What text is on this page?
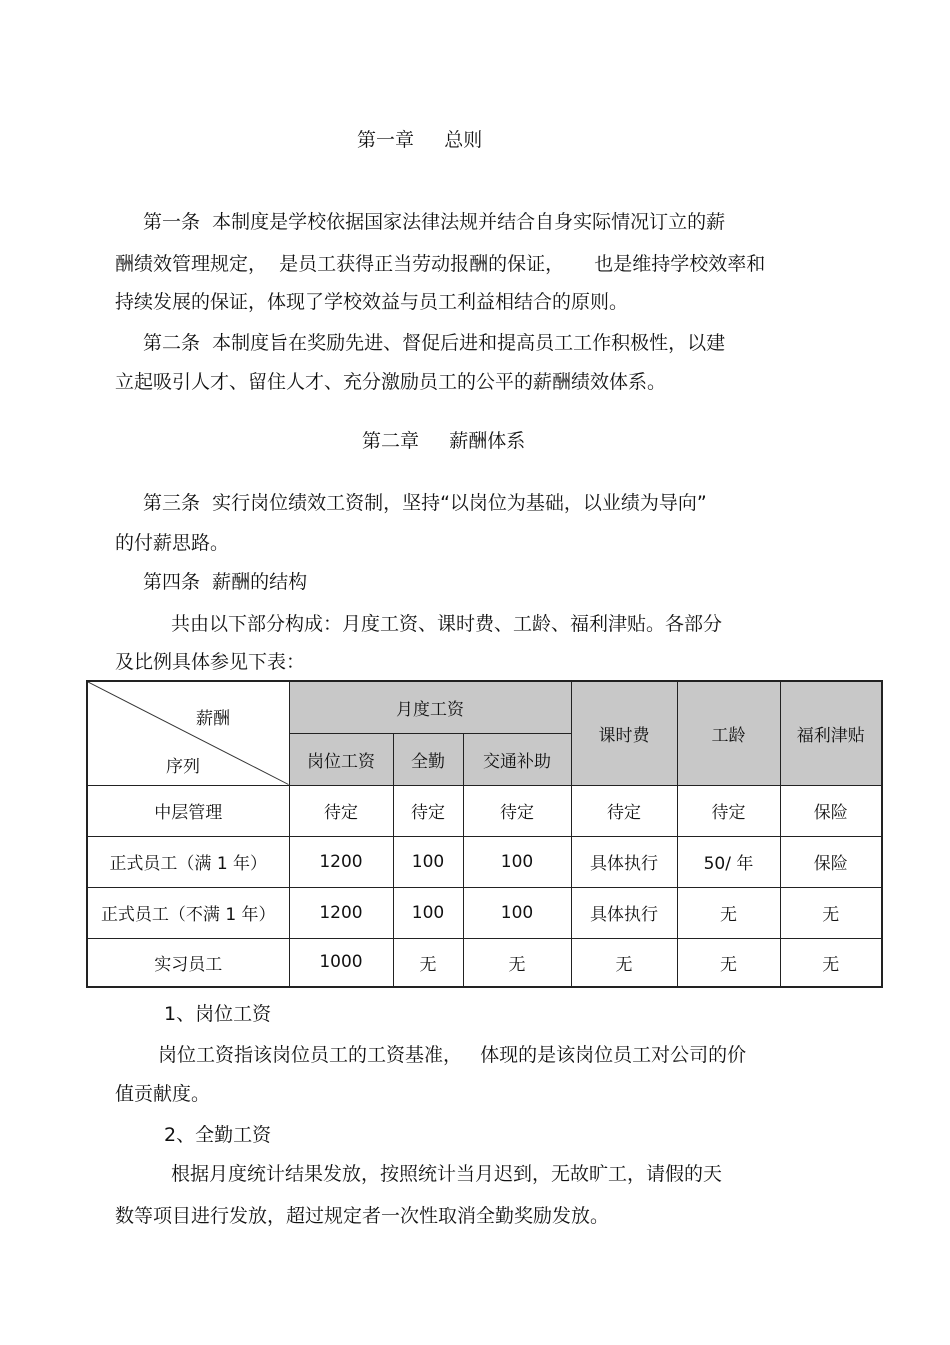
第一章     总则
第一条  本制度是学校依据国家法律法规并结合自身实际情况订立的薪
酬绩效管理规定，  是员工获得正当劳动报酬的保证，     也是维持学校效率和
持续发展的保证，体现了学校效益与员工利益相结合的原则。
第二条  本制度旨在奖励先进、督促后进和提高员工工作积极性，以建
立起吸引人才、留住人才、充分激励员工的公平的薪酬绩效体系。
第二章     薪酬体系
第三条  实行岗位绩效工资制，坚持“以岗位为基础，以业绩为导向”
的付薪思路。
第四条  薪酬的结构
共由以下部分构成：月度工资、课时费、工龄、福利津贴。各部分
及比例具体参见下表：
薪酬
序列	月度工资			课时费	工龄	福利津贴
	岗位工资	全勤	交通补助			
中层管理	待定	待定	待定	待定	待定	保险
正式员工（满 1 年）	1200	100	100	具体执行	50/ 年	保险
正式员工（不满 1 年）	1200	100	100	具体执行	无	无
实习员工	1000	无	无	无	无	无
1、岗位工资
岗位工资指该岗位员工的工资基准，   体现的是该岗位员工对公司的价
值贡献度。
2、全勤工资
根据月度统计结果发放，按照统计当月迟到，无故旷工，请假的天
数等项目进行发放，超过规定者一次性取消全勤奖励发放。
